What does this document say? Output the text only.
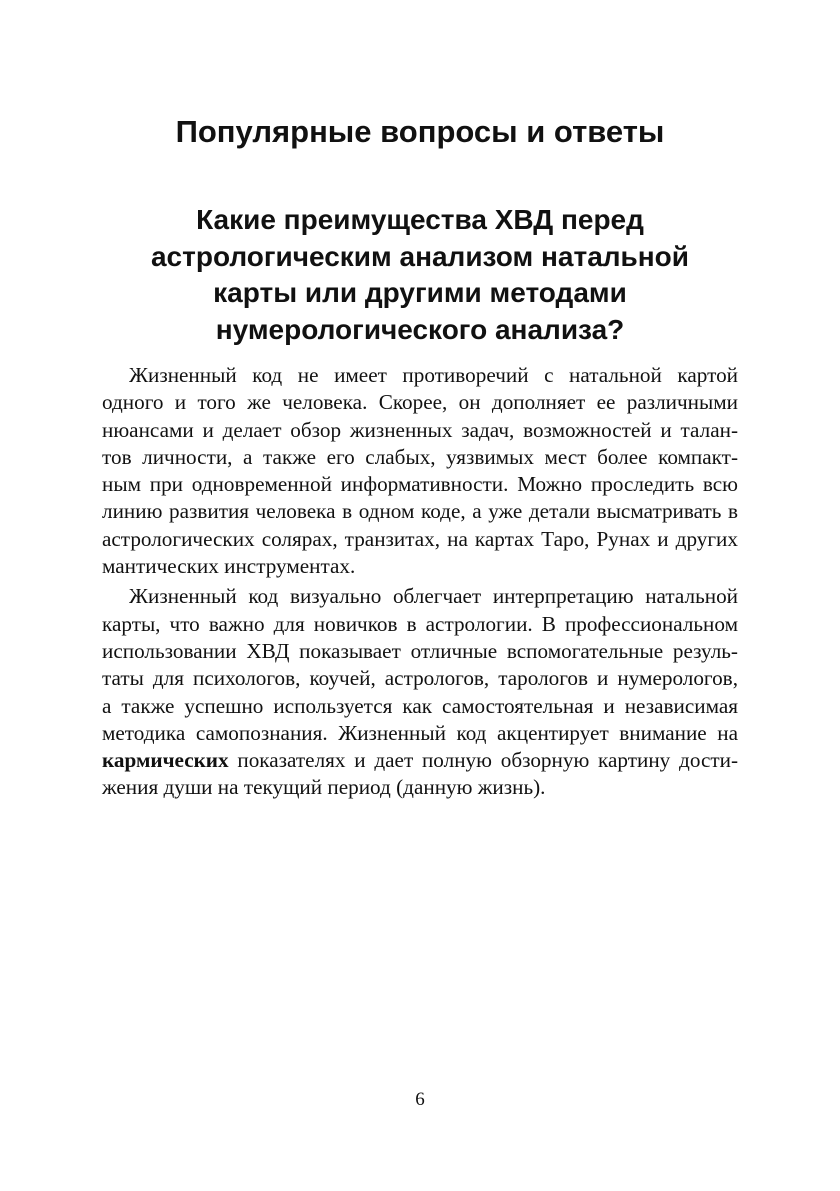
Популярные вопросы и ответы
Какие преимущества ХВД перед
астрологическим анализом натальной
карты или другими методами
нумерологического анализа?

Жизненный код не имеет противоречий с натальной картой
одного и того же человека. Скорее, он дополняет ее различными
нюансами и делает обзор жизненных задач, возможностей и талан-
тов личности, а также его слабых, уязвимых мест более компакт-
ным при одновременной информативности. Можно проследить всю
линию развития человека в одном коде, а уже детали высматривать в
астрологических солярах, транзитах, на картах Таро, Рунах и других
мантических инструментах.

Жизненный код визуально облегчает интерпретацию натальной
карты, что важно для новичков в астрологии. В профессиональном
использовании ХВД показывает отличные вспомогательные резуль-
таты для психологов, коучей, астрологов, тарологов и нумерологов,
а также успешно используется как самостоятельная и независимая
методика самопознания. Жизненный код акцентирует внимание на
кармических показателях и дает полную обзорную картину дости-
жения души на текущий период (данную жизнь).

6
